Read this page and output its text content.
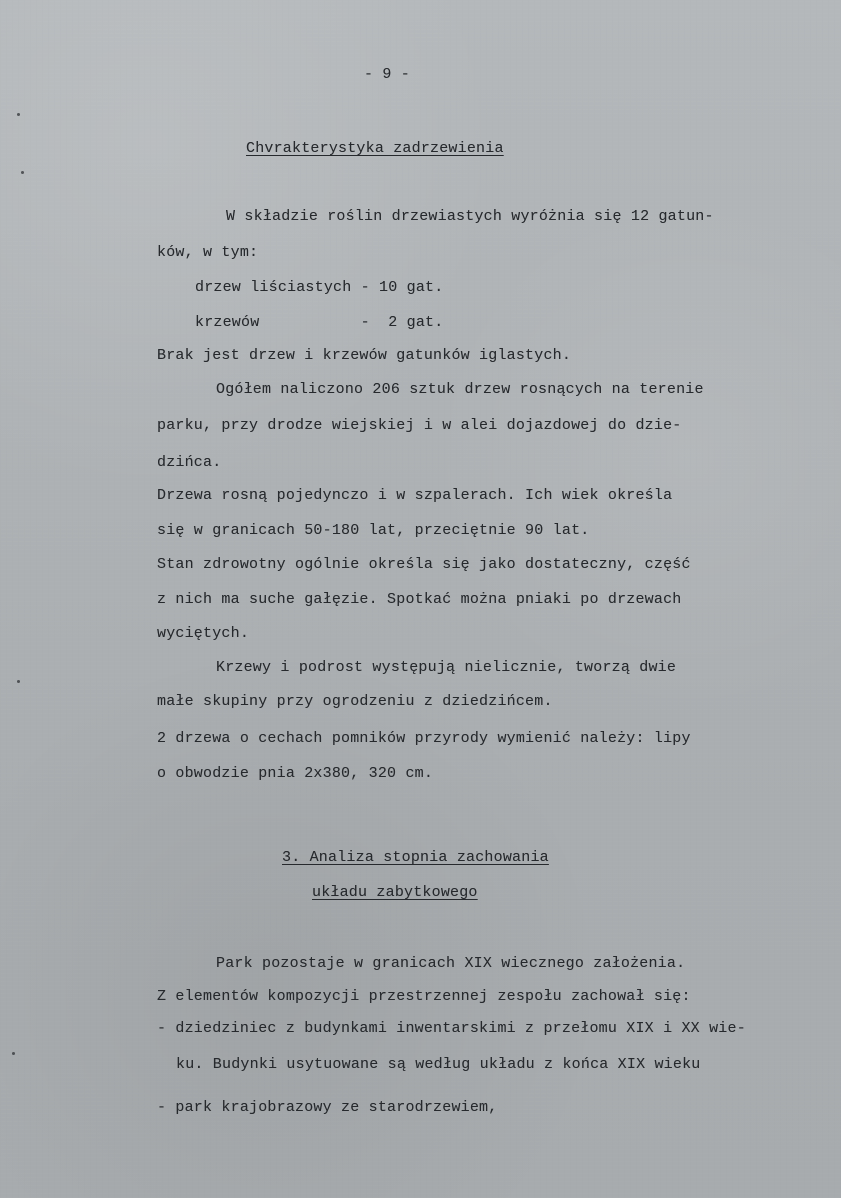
- 9 -
Chvrakterystyka zadrzewienia
W składzie roślin drzewiastych wyróżnia się 12 gatun-
ków, w tym:
drzew liściastych - 10 gat.
krzewów           -  2 gat.
Brak jest drzew i krzewów gatunków iglastych.
Ogółem naliczono 206 sztuk drzew rosnących na terenie
parku, przy drodze wiejskiej i w alei dojazdowej do dzie-
dzińca.
Drzewa rosną pojedynczo i w szpalerach. Ich wiek określa
się w granicach 50-180 lat, przeciętnie 90 lat.
Stan zdrowotny ogólnie określa się jako dostateczny, część
z nich ma suche gałęzie. Spotkać można pniaki po drzewach
wyciętych.
Krzewy i podrost występują nielicznie, tworzą dwie
małe skupiny przy ogrodzeniu z dziedzińcem.
2 drzewa o cechach pomników przyrody wymienić należy: lipy
o obwodzie pnia 2x380, 320 cm.
3. Analiza stopnia zachowania
układu zabytkowego
Park pozostaje w granicach XIX wiecznego założenia.
Z elementów kompozycji przestrzennej zespołu zachował się:
- dziedziniec z budynkami inwentarskimi z przełomu XIX i XX wie-
ku. Budynki usytuowane są według układu z końca XIX wieku
- park krajobrazowy ze starodrzewiem,
